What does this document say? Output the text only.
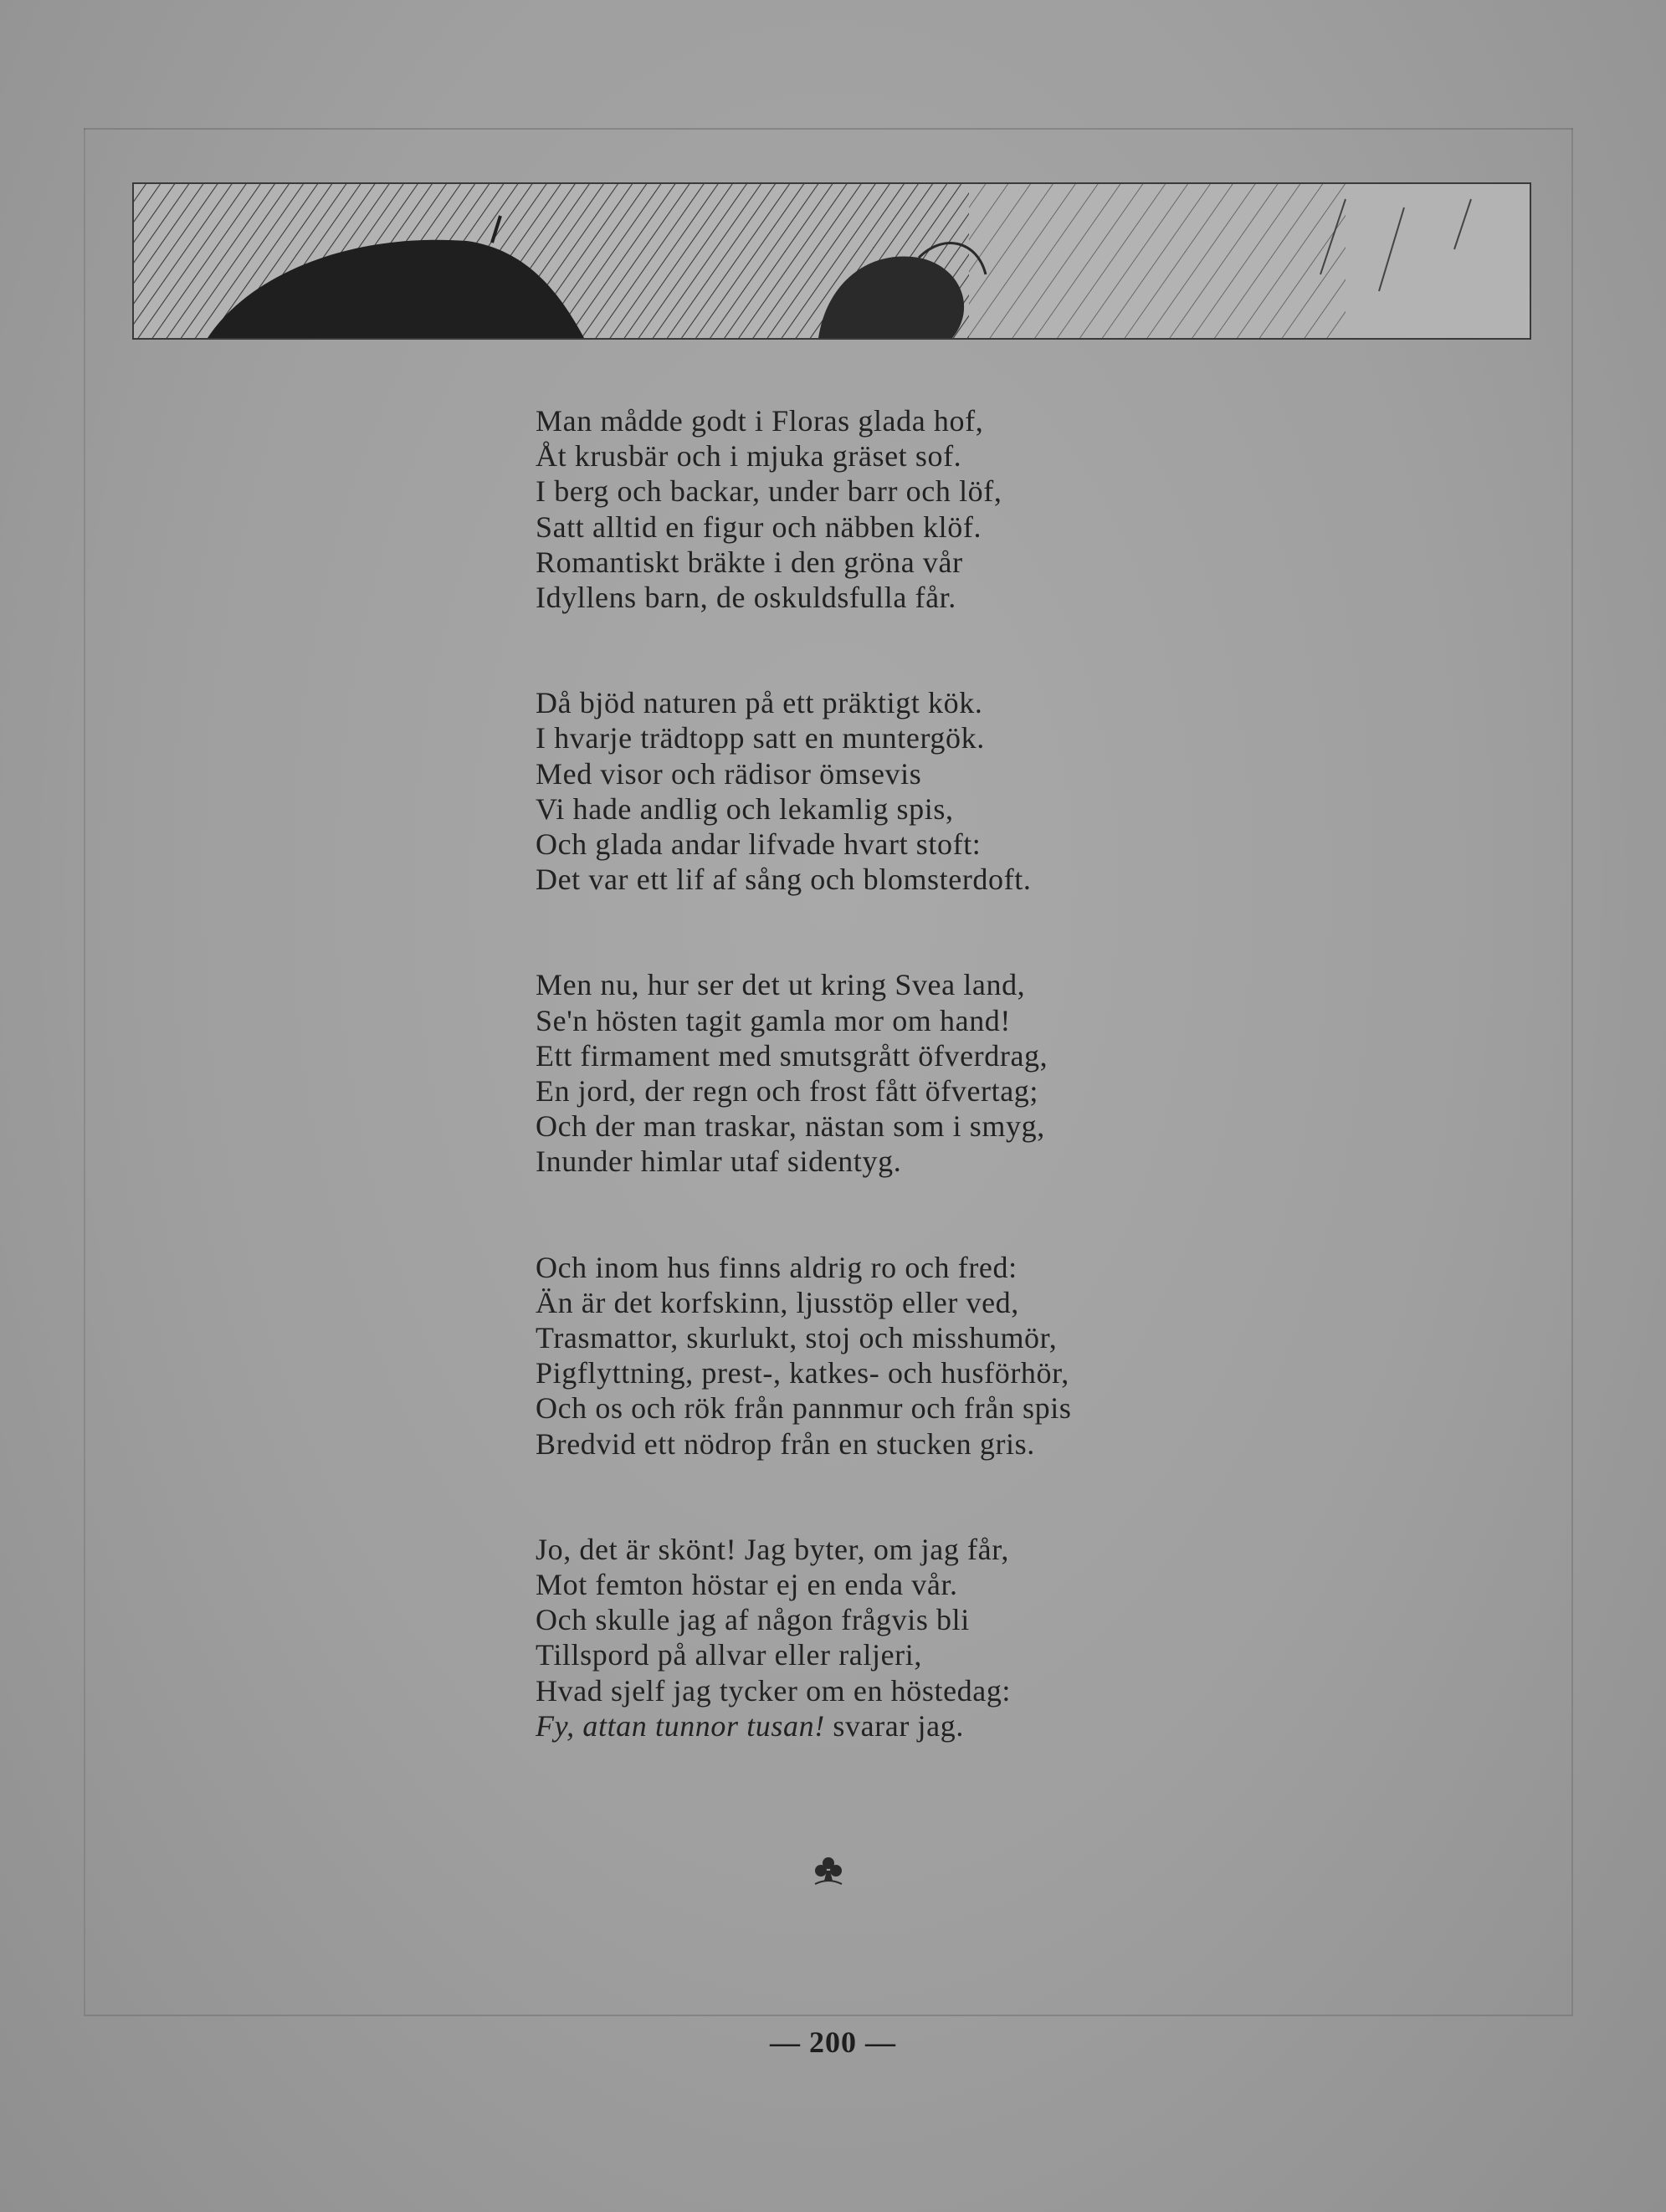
Man mådde godt i Floras glada hof,
Åt krusbär och i mjuka gräset sof.
I berg och backar, under barr och löf,
Satt alltid en figur och näbben klöf.
Romantiskt bräkte i den gröna vår
Idyllens barn, de oskuldsfulla får.
Då bjöd naturen på ett präktigt kök.
I hvarje trädtopp satt en muntergök.
Med visor och rädisor ömsevis
Vi hade andlig och lekamlig spis,
Och glada andar lifvade hvart stoft:
Det var ett lif af sång och blomsterdoft.
Men nu, hur ser det ut kring Svea land,
Se'n hösten tagit gamla mor om hand!
Ett firmament med smutsgrått öfverdrag,
En jord, der regn och frost fått öfvertag;
Och der man traskar, nästan som i smyg,
Inunder himlar utaf sidentyg.
Och inom hus finns aldrig ro och fred:
Än är det korfskinn, ljusstöp eller ved,
Trasmattor, skurlukt, stoj och misshumör,
Pigflyttning, prest-, katkes- och husförhör,
Och os och rök från pannmur och från spis
Bredvid ett nödrop från en stucken gris.
Jo, det är skönt! Jag byter, om jag får,
Mot femton höstar ej en enda vår.
Och skulle jag af någon frågvis bli
Tillspord på allvar eller raljeri,
Hvad sjelf jag tycker om en höstedag:
Fy, attan tunnor tusan! svarar jag.
— 200 —
